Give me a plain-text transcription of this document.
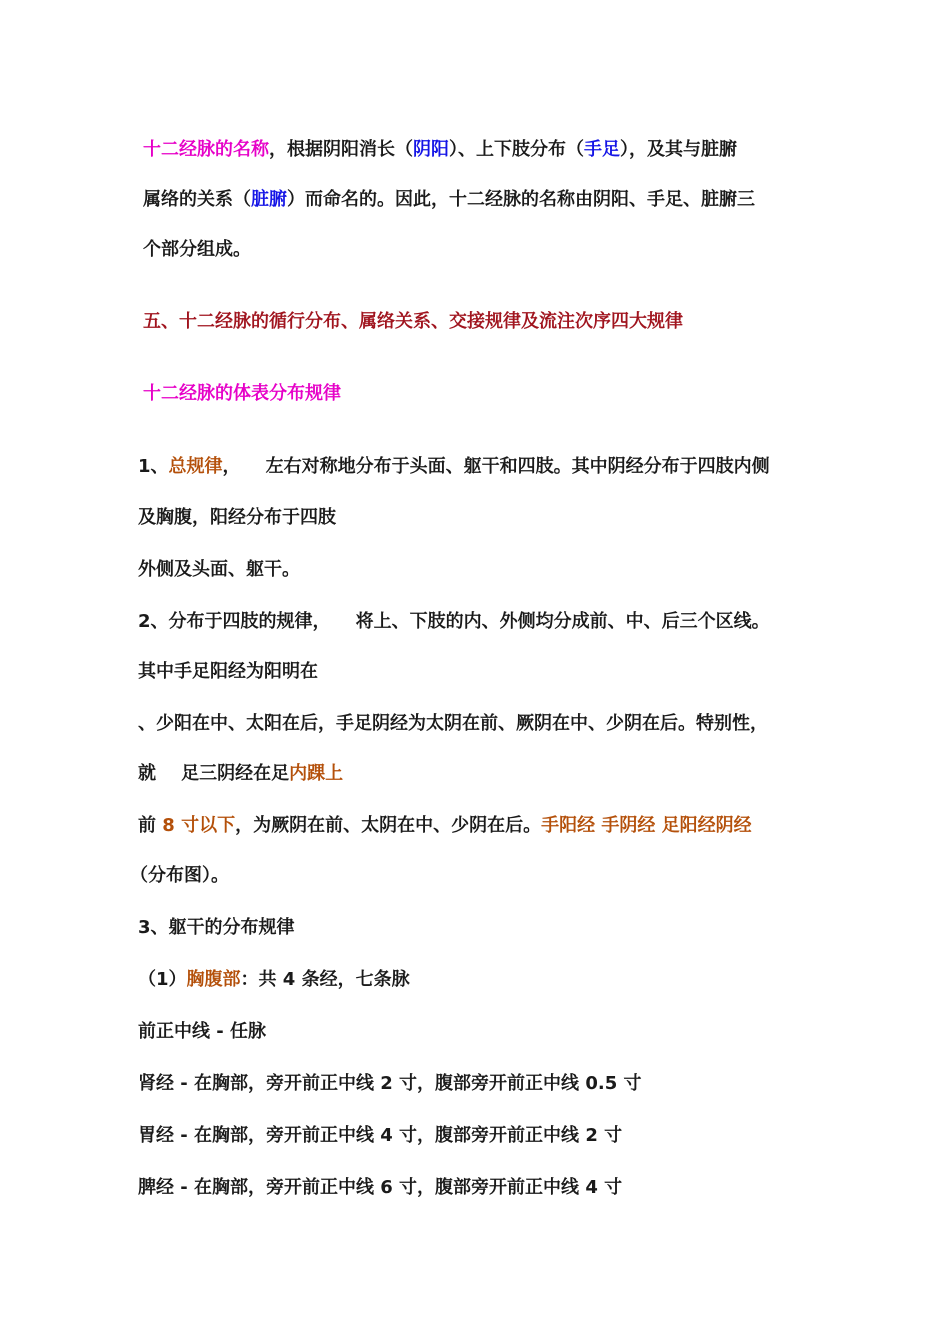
十二经脉的名称，根据阴阳消长（阴阳）、上下肢分布（手足），及其与脏腑
属络的关系（脏腑）而命名的。因此，十二经脉的名称由阴阳、手足、脏腑三
个部分组成。
五、十二经脉的循行分布、属络关系、交接规律及流注次序四大规律
十二经脉的体表分布规律
1、总规律，    左右对称地分布于头面、躯干和四肢。其中阴经分布于四肢内侧
及胸腹，阳经分布于四肢
外侧及头面、躯干。
2、分布于四肢的规律，    将上、下肢的内、外侧均分成前、中、后三个区线。
其中手足阳经为阳明在
、少阳在中、太阳在后，手足阴经为太阴在前、厥阴在中、少阴在后。特别性，
就    足三阴经在足内踝上
前 8 寸以下，为厥阴在前、太阴在中、少阴在后。手阳经 手阴经 足阳经阴经
（分布图）。
3、躯干的分布规律
（1）胸腹部：共 4 条经，七条脉
前正中线 - 任脉
肾经 - 在胸部，旁开前正中线 2 寸，腹部旁开前正中线 0.5 寸
胃经 - 在胸部，旁开前正中线 4 寸，腹部旁开前正中线 2 寸
脾经 - 在胸部，旁开前正中线 6 寸，腹部旁开前正中线 4 寸
